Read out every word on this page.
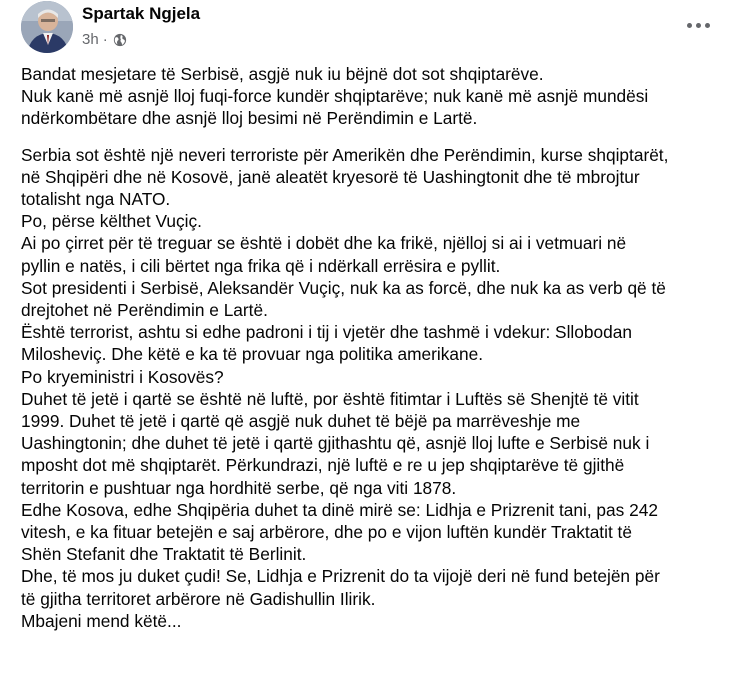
Spartak Ngjela
3h ·
Bandat mesjetare të Serbisë, asgjë nuk iu bëjnë dot sot shqiptarëve.
Nuk kanë më asnjë lloj fuqi-force kundër shqiptarëve; nuk kanë më asnjë mundësi
ndërkombëtare dhe asnjë lloj besimi në Perëndimin e Lartë.
Serbia sot është një neveri terroriste për Amerikën dhe Perëndimin, kurse shqiptarët,
në Shqipëri dhe në Kosovë, janë aleatët kryesorë të Uashingtonit dhe të mbrojtur
totalisht nga NATO.
Po, përse këlthet Vuçiç.
Ai po çirret për të treguar se është i dobët dhe ka frikë, njëlloj si ai i vetmuari në
pyllin e natës, i cili bërtet nga frika që i ndërkall errësira e pyllit.
Sot presidenti i Serbisë, Aleksandër Vuçiç, nuk ka as forcë, dhe nuk ka as verb që të
drejtohet në Perëndimin e Lartë.
Është terrorist, ashtu si edhe padroni i tij i vjetër dhe tashmë i vdekur: Sllobodan
Milosheviç. Dhe këtë e ka të provuar nga politika amerikane.
Po kryeministri i Kosovës?
Duhet të jetë i qartë se është në luftë, por është fitimtar i Luftës së Shenjtë të vitit
1999. Duhet të jetë i qartë që asgjë nuk duhet të bëjë pa marrëveshje me
Uashingtonin; dhe duhet të jetë i qartë gjithashtu që, asnjë lloj lufte e Serbisë nuk i
mposht dot më shqiptarët. Përkundrazi, një luftë e re u jep shqiptarëve të gjithë
territorin e pushtuar nga hordhitë serbe, që nga viti 1878.
Edhe Kosova, edhe Shqipëria duhet ta dinë mirë se: Lidhja e Prizrenit tani, pas 242
vitesh, e ka fituar betejën e saj arbërore, dhe po e vijon luftën kundër Traktatit të
Shën Stefanit dhe Traktatit të Berlinit.
Dhe, të mos ju duket çudi! Se, Lidhja e Prizrenit do ta vijojë deri në fund betejën për
të gjitha territoret arbërore në Gadishullin Ilirik.
Mbajeni mend këtë...
